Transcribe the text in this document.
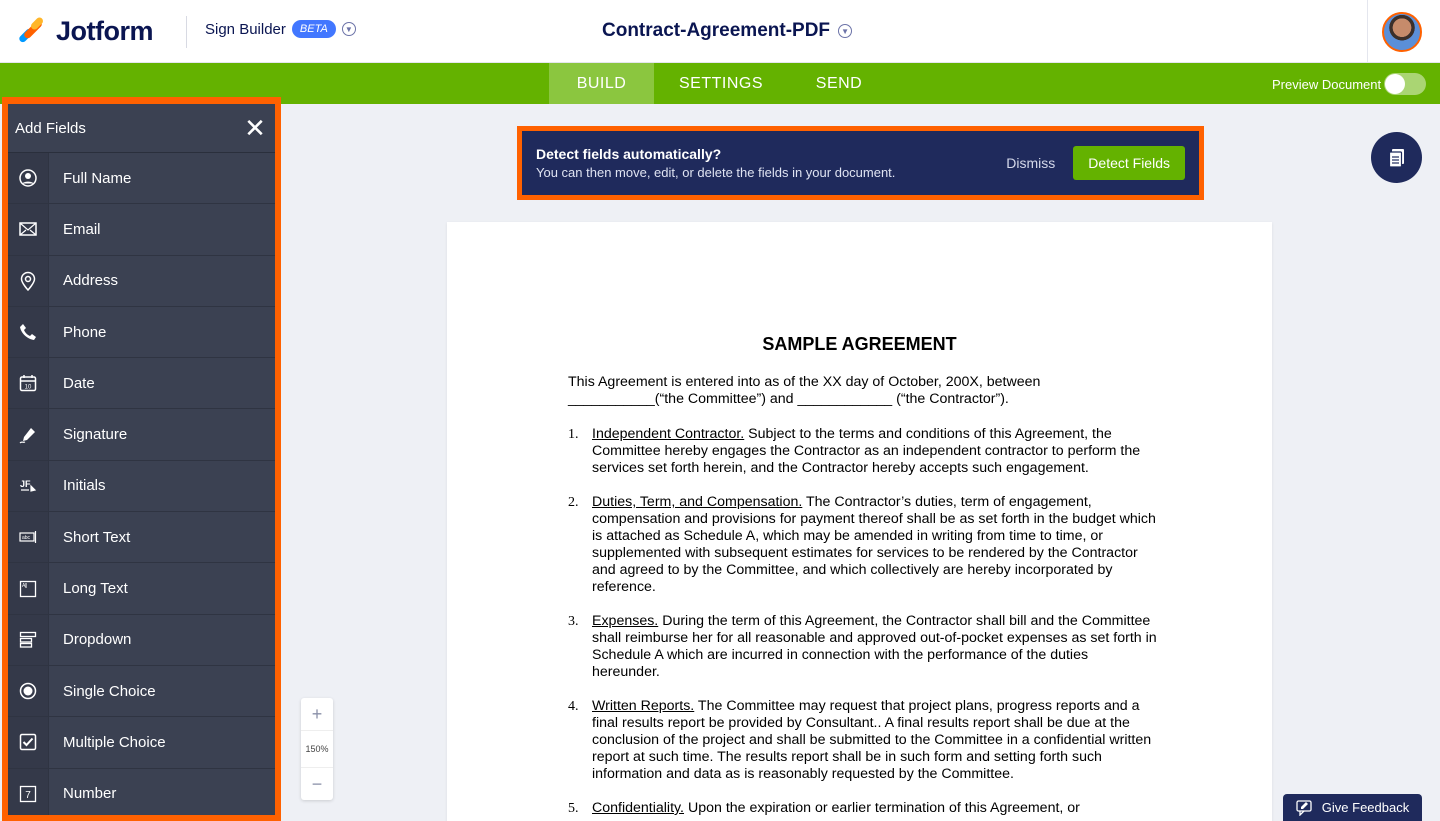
Jotform	Sign Builder	BETA	▼	Contract-Agreement-PDF	▼
BUILD	SETTINGS	SEND	Preview Document
Add Fields	✕
Full Name
Email
Address
Phone
10	Date
Signature
JF	Initials
abc	Short Text
A	Long Text
Dropdown
Single Choice
Multiple Choice
7	Number
Detect fields automatically?
You can then move, edit, or delete the fields in your document.
Dismiss	Detect Fields
+
150%
−
SAMPLE AGREEMENT
This Agreement is entered into as of the XX day of October, 200X, between ___________(“the Committee”) and ____________ (“the Contractor”).
1. Independent Contractor. Subject to the terms and conditions of this Agreement, the Committee hereby engages the Contractor as an independent contractor to perform the services set forth herein, and the Contractor hereby accepts such engagement.
2. Duties, Term, and Compensation. The Contractor’s duties, term of engagement, compensation and provisions for payment thereof shall be as set forth in the budget which is attached as Schedule A, which may be amended in writing from time to time, or supplemented with subsequent estimates for services to be rendered by the Contractor and agreed to by the Committee, and which collectively are hereby incorporated by reference.
3. Expenses. During the term of this Agreement, the Contractor shall bill and the Committee shall reimburse her for all reasonable and approved out-of-pocket expenses as set forth in Schedule A which are incurred in connection with the performance of the duties hereunder.
4. Written Reports. The Committee may request that project plans, progress reports and a final results report be provided by Consultant.. A final results report shall be due at the conclusion of the project and shall be submitted to the Committee in a confidential written report at such time. The results report shall be in such form and setting forth such information and data as is reasonably requested by the Committee.
5. Confidentiality. Upon the expiration or earlier termination of this Agreement, or	Give Feedback
